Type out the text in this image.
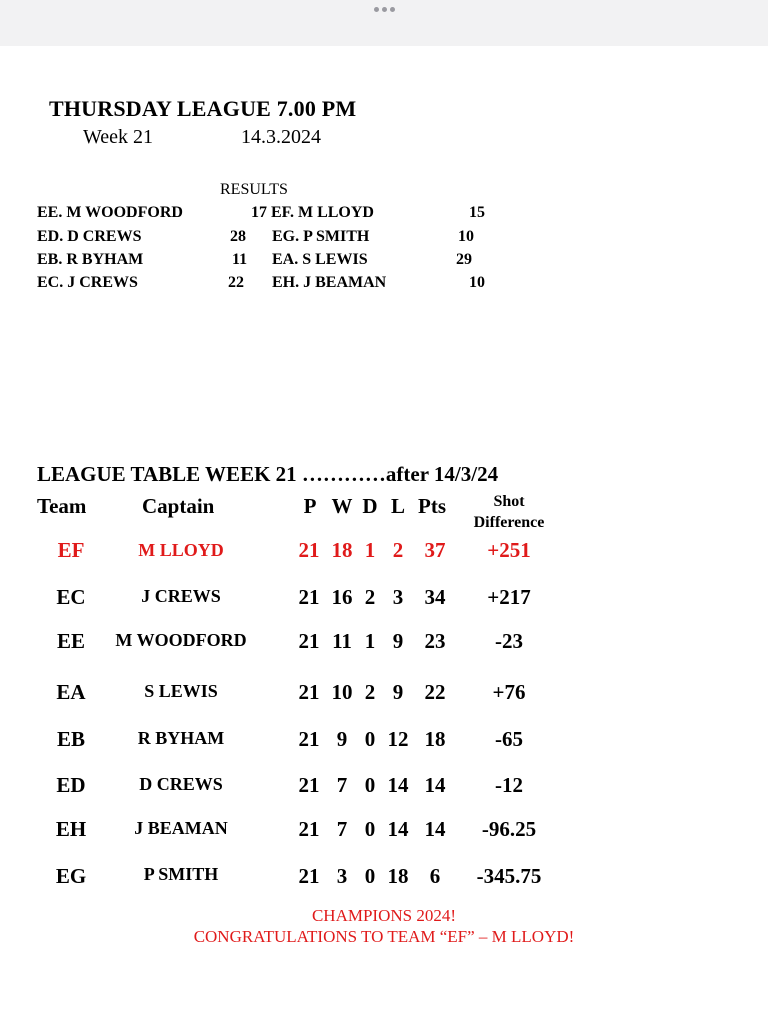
THURSDAY LEAGUE 7.00 PM
Week 21	14.3.2024
RESULTS
EE. M WOODFORD	17 EF. M LLOYD	15
ED. D CREWS	28 EG. P SMITH	10
EB. R BYHAM	11 EA. S LEWIS	29
EC. J CREWS	22 EH. J BEAMAN	10
LEAGUE TABLE WEEK 21 …………after 14/3/24
Team	Captain	P W D L Pts	Shot
Difference
EF	M LLOYD	21 18 1 2	37	+251
EC	J CREWS	21 16 2 3	34	+217
EE	M WOODFORD 21 11 1 9	23	-23
EA	S LEWIS	21 10 2 9	22	+76
EB	R BYHAM	21 9 0 12 18	-65
ED	D CREWS	21 7 0 14 14	-12
EH	J BEAMAN	21 7 0 14 14	-96.25
EG	P SMITH	21 3 0 18	6	-345.75
CHAMPIONS 2024!
CONGRATULATIONS TO TEAM “EF” – M LLOYD!
